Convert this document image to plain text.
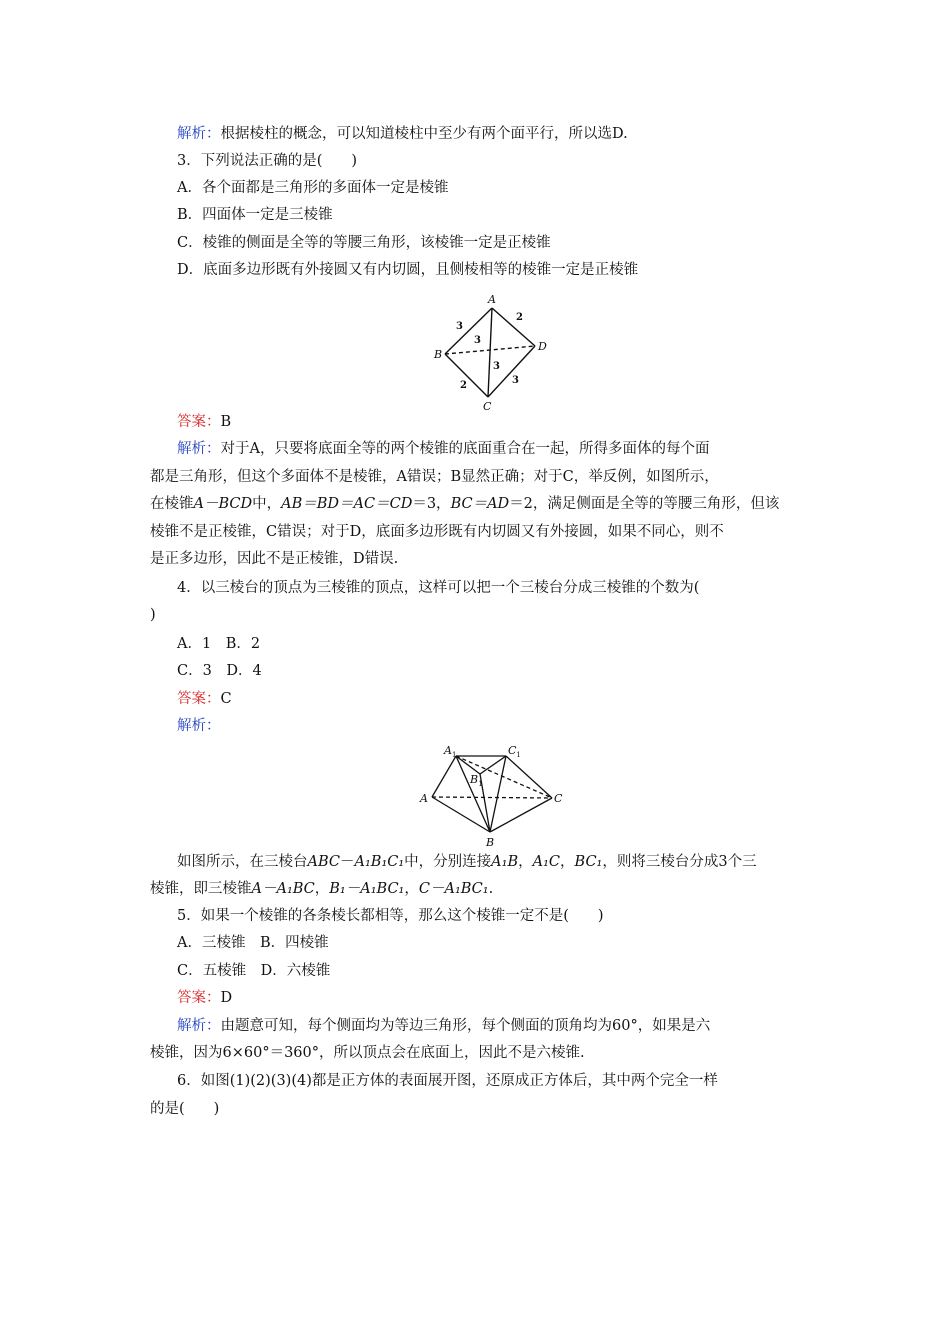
解析：根据棱柱的概念，可以知道棱柱中至少有两个面平行，所以选D.
3．下列说法正确的是(　　)
A．各个面都是三角形的多面体一定是棱锥
B．四面体一定是三棱锥
C．棱锥的侧面是全等的等腰三角形，该棱锥一定是正棱锥
D．底面多边形既有外接圆又有内切圆，且侧棱相等的棱锥一定是正棱锥
A
B
C
D
3
2
3
3
2	3
答案：B
解析：对于A，只要将底面全等的两个棱锥的底面重合在一起，所得多面体的每个面
都是三角形，但这个多面体不是棱锥，A错误；B显然正确；对于C，举反例，如图所示，
在棱锥A－BCD中，AB＝BD＝AC＝CD＝3，BC＝AD＝2，满足侧面是全等的等腰三角形，但该
棱锥不是正棱锥，C错误；对于D，底面多边形既有内切圆又有外接圆，如果不同心，则不
是正多边形，因此不是正棱锥，D错误.
4．以三棱台的顶点为三棱锥的顶点，这样可以把一个三棱台分成三棱锥的个数为(
)
A．1　B．2
C．3　D．4
答案：C
解析：
$A_1$	$C_1$
$B_1$
A	C
B
如图所示，在三棱台ABC－A₁B₁C₁中，分别连接A₁B，A₁C，BC₁，则将三棱台分成3个三
棱锥，即三棱锥A－A₁BC，B₁－A₁BC₁，C－A₁BC₁.
5．如果一个棱锥的各条棱长都相等，那么这个棱锥一定不是(　　)
A．三棱锥　B．四棱锥
C．五棱锥　D．六棱锥
答案：D
解析：由题意可知，每个侧面均为等边三角形，每个侧面的顶角均为60°，如果是六
棱锥，因为6×60°＝360°，所以顶点会在底面上，因此不是六棱锥.
6．如图(1)(2)(3)(4)都是正方体的表面展开图，还原成正方体后，其中两个完全一样
的是(　　)
